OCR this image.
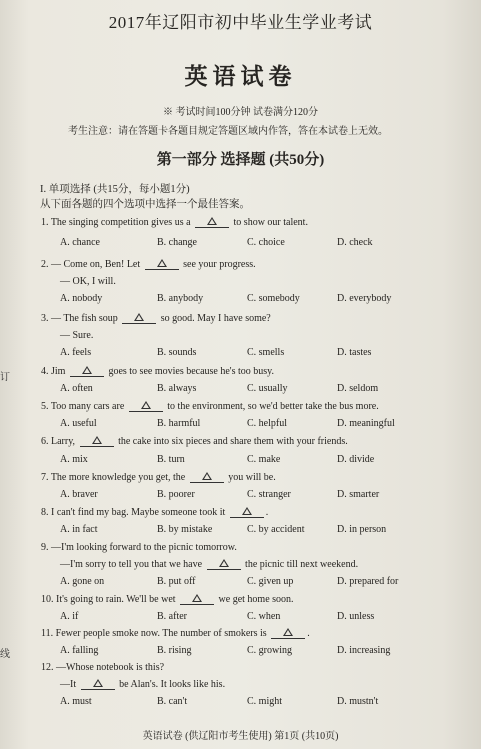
订
线
2017年辽阳市初中毕业生学业考试
英语试卷
※ 考试时间100分钟 试卷满分120分
考生注意：请在答题卡各题目规定答题区域内作答，答在本试卷上无效。
第一部分 选择题 (共50分)
I. 单项选择 (共15分，每小题1分)
从下面各题的四个选项中选择一个最佳答案。
1. The singing competition gives us a	to show our talent.
A. chance	B. change	C. choice	D. check
2. — Come on, Ben! Let	see your progress.
— OK, I will.
A. nobody	B. anybody	C. somebody	D. everybody
3. — The fish soup	so good. May I have some?
— Sure.
A. feels	B. sounds	C. smells	D. tastes
4. Jim	goes to see movies because he's too busy.
A. often	B. always	C. usually	D. seldom
5. Too many cars are	to the environment, so we'd better take the bus more.
A. useful	B. harmful	C. helpful	D. meaningful
6. Larry,	the cake into six pieces and share them with your friends.
A. mix	B. turn	C. make	D. divide
7. The more knowledge you get, the	you will be.
A. braver	B. poorer	C. stranger	D. smarter
8. I can't find my bag. Maybe someone took it	.
A. in fact	B. by mistake	C. by accident	D. in person
9. —I'm looking forward to the picnic tomorrow.
—I'm sorry to tell you that we have	the picnic till next weekend.
A. gone on	B. put off	C. given up	D. prepared for
10. It's going to rain. We'll be wet	we get home soon.
A. if	B. after	C. when	D. unless
11. Fewer people smoke now. The number of smokers is	.
A. falling	B. rising	C. growing	D. increasing
12. —Whose notebook is this?
—It	be Alan's. It looks like his.
A. must	B. can't	C. might	D. mustn't
英语试卷 (供辽阳市考生使用) 第1页 (共10页)
